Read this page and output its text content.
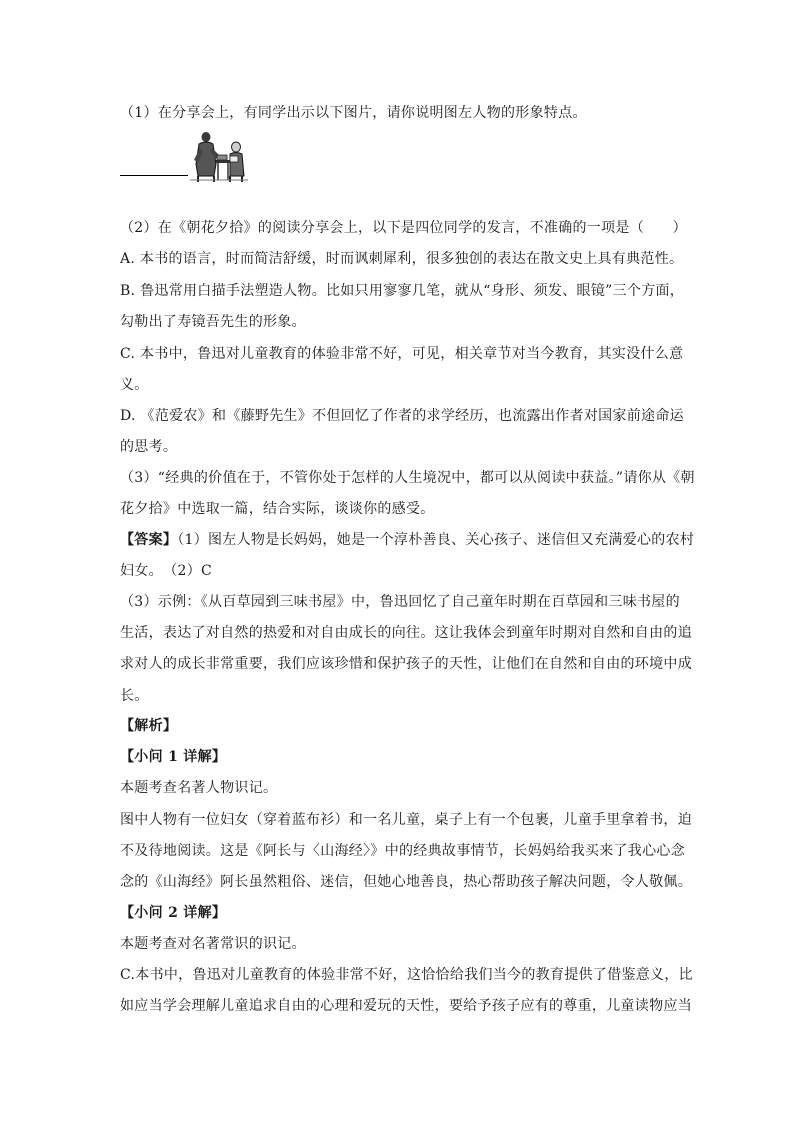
（1）在分享会上，有同学出示以下图片，请你说明图左人物的形象特点。
（2）在《朝花夕拾》的阅读分享会上，以下是四位同学的发言，不准确的一项是（　　）
A. 本书的语言，时而简洁舒缓，时而讽刺犀利，很多独创的表达在散文史上具有典范性。
B. 鲁迅常用白描手法塑造人物。比如只用寥寥几笔，就从“身形、须发、眼镜”三个方面，
勾勒出了寿镜吾先生的形象。
C. 本书中，鲁迅对儿童教育的体验非常不好，可见，相关章节对当今教育，其实没什么意
义。
D. 《范爱农》和《藤野先生》不但回忆了作者的求学经历，也流露出作者对国家前途命运
的思考。
（3）“经典的价值在于，不管你处于怎样的人生境况中，都可以从阅读中获益。”请你从《朝
花夕拾》中选取一篇，结合实际，谈谈你的感受。
【答案】（1）图左人物是长妈妈，她是一个淳朴善良、关心孩子、迷信但又充满爱心的农村
妇女。　（2）C
（3）示例：《从百草园到三味书屋》中，鲁迅回忆了自己童年时期在百草园和三味书屋的
生活，表达了对自然的热爱和对自由成长的向往。这让我体会到童年时期对自然和自由的追
求对人的成长非常重要，我们应该珍惜和保护孩子的天性，让他们在自然和自由的环境中成
长。
【解析】
【小问 1 详解】
本题考查名著人物识记。
图中人物有一位妇女（穿着蓝布衫）和一名儿童，桌子上有一个包裹，儿童手里拿着书，迫
不及待地阅读。这是《阿长与〈山海经〉》中的经典故事情节，长妈妈给我买来了我心心念
念的《山海经》阿长虽然粗俗、迷信，但她心地善良，热心帮助孩子解决问题，令人敬佩。
【小问 2 详解】
本题考查对名著常识的识记。
C.本书中，鲁迅对儿童教育的体验非常不好，这恰恰给我们当今的教育提供了借鉴意义，比
如应当学会理解儿童追求自由的心理和爱玩的天性，要给予孩子应有的尊重，儿童读物应当
